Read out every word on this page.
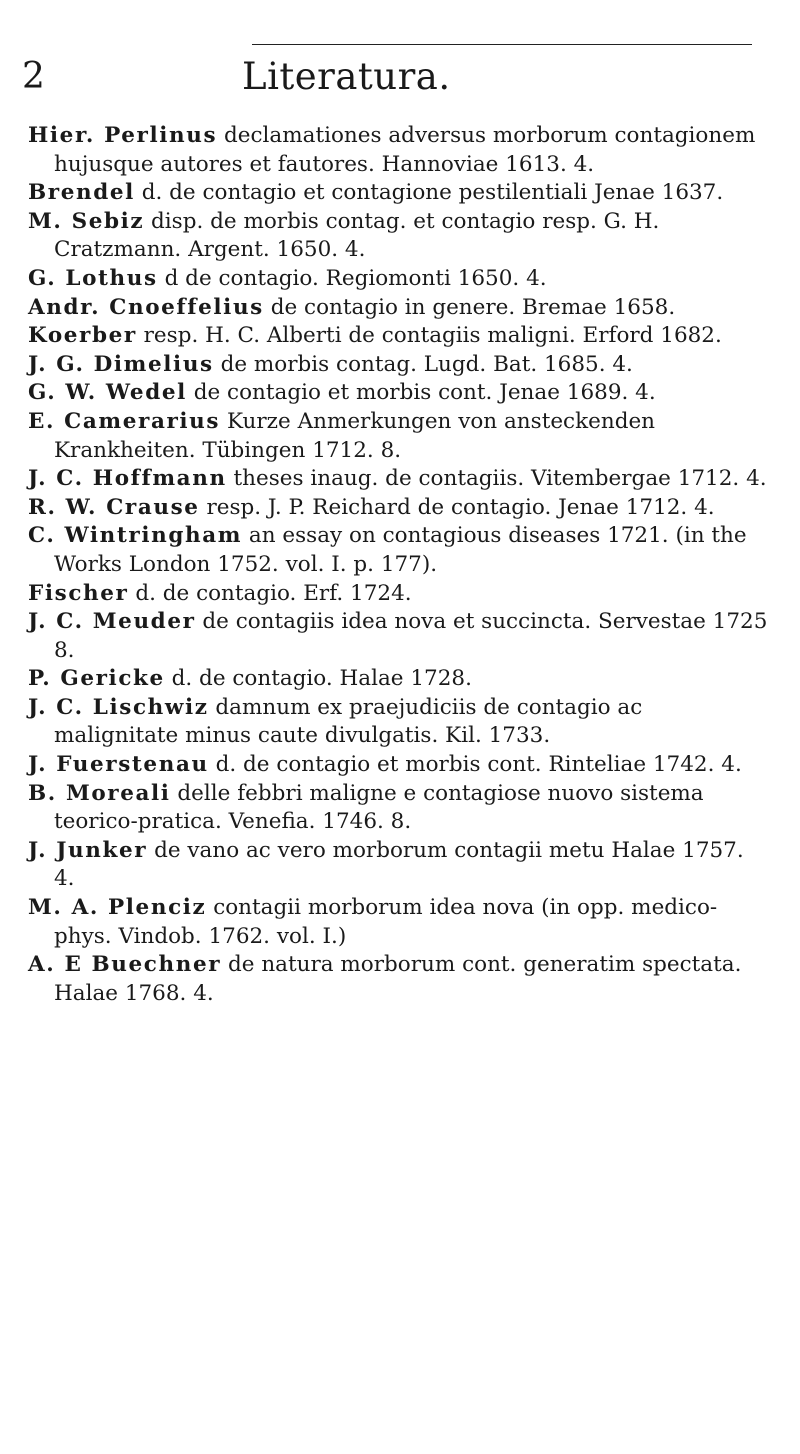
2	Literatura.
Hier. Perlinus declamationes adversus morborum contagionem hujusque autores et fautores. Hannoviae 1613. 4.
Brendel d. de contagio et contagione pestilentiali Jenae 1637.
M. Sebiz disp. de morbis contag. et contagio resp. G. H. Cratzmann. Argent. 1650. 4.
G. Lothus d de contagio. Regiomonti 1650. 4.
Andr. Cnoeffelius de contagio in genere. Bremae 1658.
Koerber resp. H. C. Alberti de contagiis maligni. Erford 1682.
J. G. Dimelius de morbis contag. Lugd. Bat. 1685. 4.
G. W. Wedel de contagio et morbis cont. Jenae 1689. 4.
E. Camerarius Kurze Anmerkungen von ansteckenden Krankheiten. Tübingen 1712. 8.
J. C. Hoffmann theses inaug. de contagiis. Vitembergae 1712. 4.
R. W. Crause resp. J. P. Reichard de contagio. Jenae 1712. 4.
C. Wintringham an essay on contagious diseases 1721. (in the Works London 1752. vol. I. p. 177).
Fischer d. de contagio. Erf. 1724.
J. C. Meuder de contagiis idea nova et succincta. Servestae 1725 8.
P. Gericke d. de contagio. Halae 1728.
J. C. Lischwiz damnum ex praejudiciis de contagio ac malignitate minus caute divulgatis. Kil. 1733.
J. Fuerstenau d. de contagio et morbis cont. Rinteliae 1742. 4.
B. Moreali delle febbri maligne e contagiose nuovo sistema teorico-pratica. Venefia. 1746. 8.
J. Junker de vano ac vero morborum contagii metu Halae 1757. 4.
M. A. Plenciz contagii morborum idea nova (in opp. medico-phys. Vindob. 1762. vol. I.)
A. E Buechner de natura morborum cont. generatim spectata. Halae 1768. 4.
